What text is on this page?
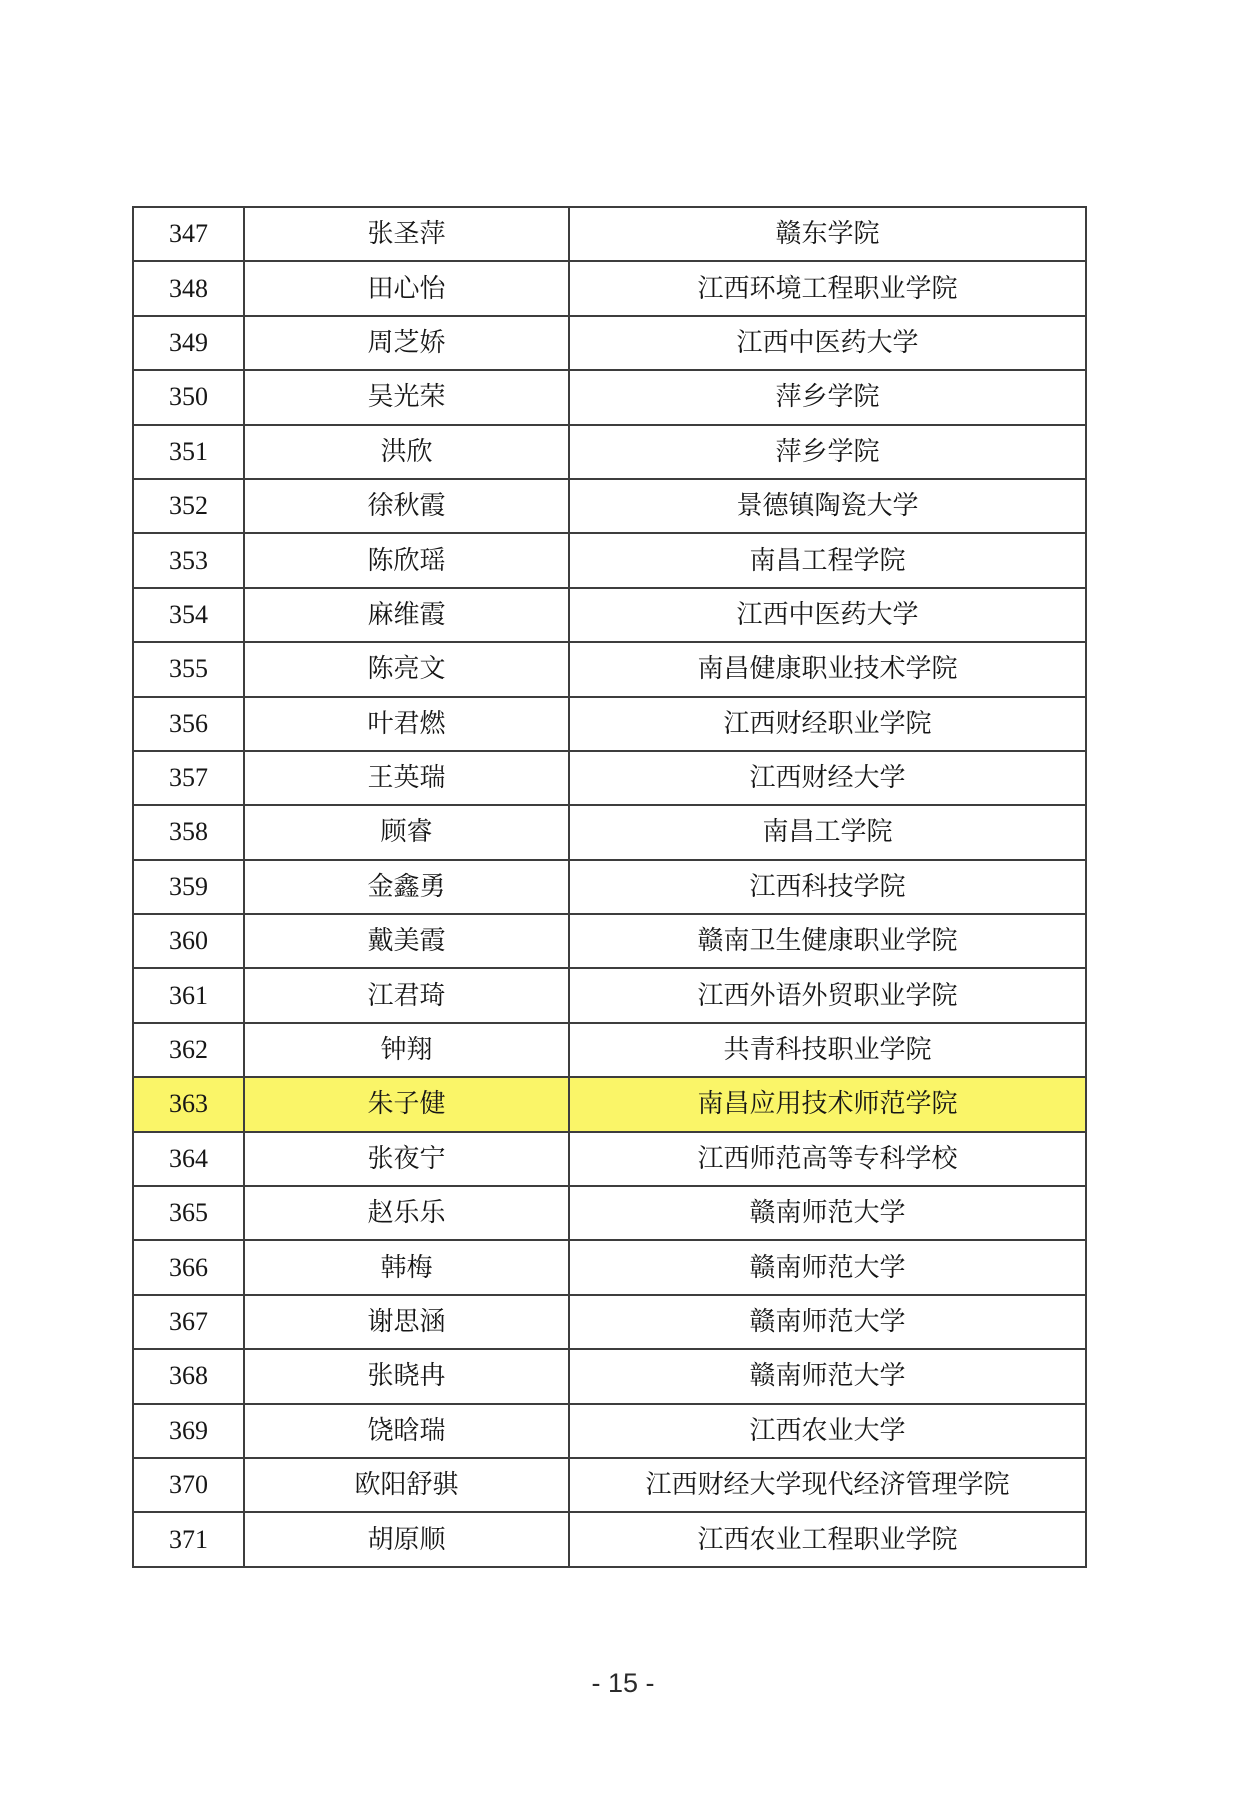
347	张圣萍	赣东学院
348	田心怡	江西环境工程职业学院
349	周芝娇	江西中医药大学
350	吴光荣	萍乡学院
351	洪欣	萍乡学院
352	徐秋霞	景德镇陶瓷大学
353	陈欣瑶	南昌工程学院
354	麻维霞	江西中医药大学
355	陈亮文	南昌健康职业技术学院
356	叶君燃	江西财经职业学院
357	王英瑞	江西财经大学
358	顾睿	南昌工学院
359	金鑫勇	江西科技学院
360	戴美霞	赣南卫生健康职业学院
361	江君琦	江西外语外贸职业学院
362	钟翔	共青科技职业学院
363	朱子健	南昌应用技术师范学院
364	张夜宁	江西师范高等专科学校
365	赵乐乐	赣南师范大学
366	韩梅	赣南师范大学
367	谢思涵	赣南师范大学
368	张晓冉	赣南师范大学
369	饶晗瑞	江西农业大学
370	欧阳舒骐	江西财经大学现代经济管理学院
371	胡原顺	江西农业工程职业学院
- 15 -
